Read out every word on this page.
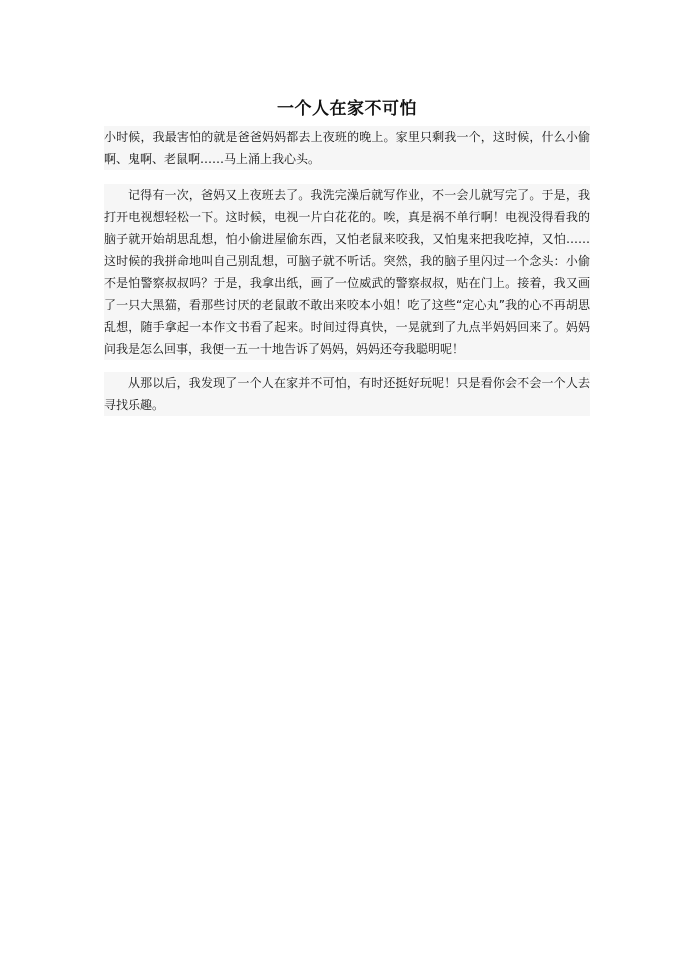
一个人在家不可怕

小时候，我最害怕的就是爸爸妈妈都去上夜班的晚上。家里只剩我一个，这时候，什么小偷啊、鬼啊、老鼠啊……马上涌上我心头。

记得有一次，爸妈又上夜班去了。我洗完澡后就写作业，不一会儿就写完了。于是，我打开电视想轻松一下。这时候，电视一片白花花的。唉，真是祸不单行啊！电视没得看我的脑子就开始胡思乱想，怕小偷进屋偷东西，又怕老鼠来咬我，又怕鬼来把我吃掉，又怕……这时候的我拼命地叫自己别乱想，可脑子就不听话。突然，我的脑子里闪过一个念头：小偷不是怕警察叔叔吗？于是，我拿出纸，画了一位威武的警察叔叔，贴在门上。接着，我又画了一只大黑猫，看那些讨厌的老鼠敢不敢出来咬本小姐！吃了这些“定心丸”我的心不再胡思乱想，随手拿起一本作文书看了起来。时间过得真快，一晃就到了九点半妈妈回来了。妈妈问我是怎么回事，我便一五一十地告诉了妈妈，妈妈还夸我聪明呢！

从那以后，我发现了一个人在家并不可怕，有时还挺好玩呢！只是看你会不会一个人去寻找乐趣。
